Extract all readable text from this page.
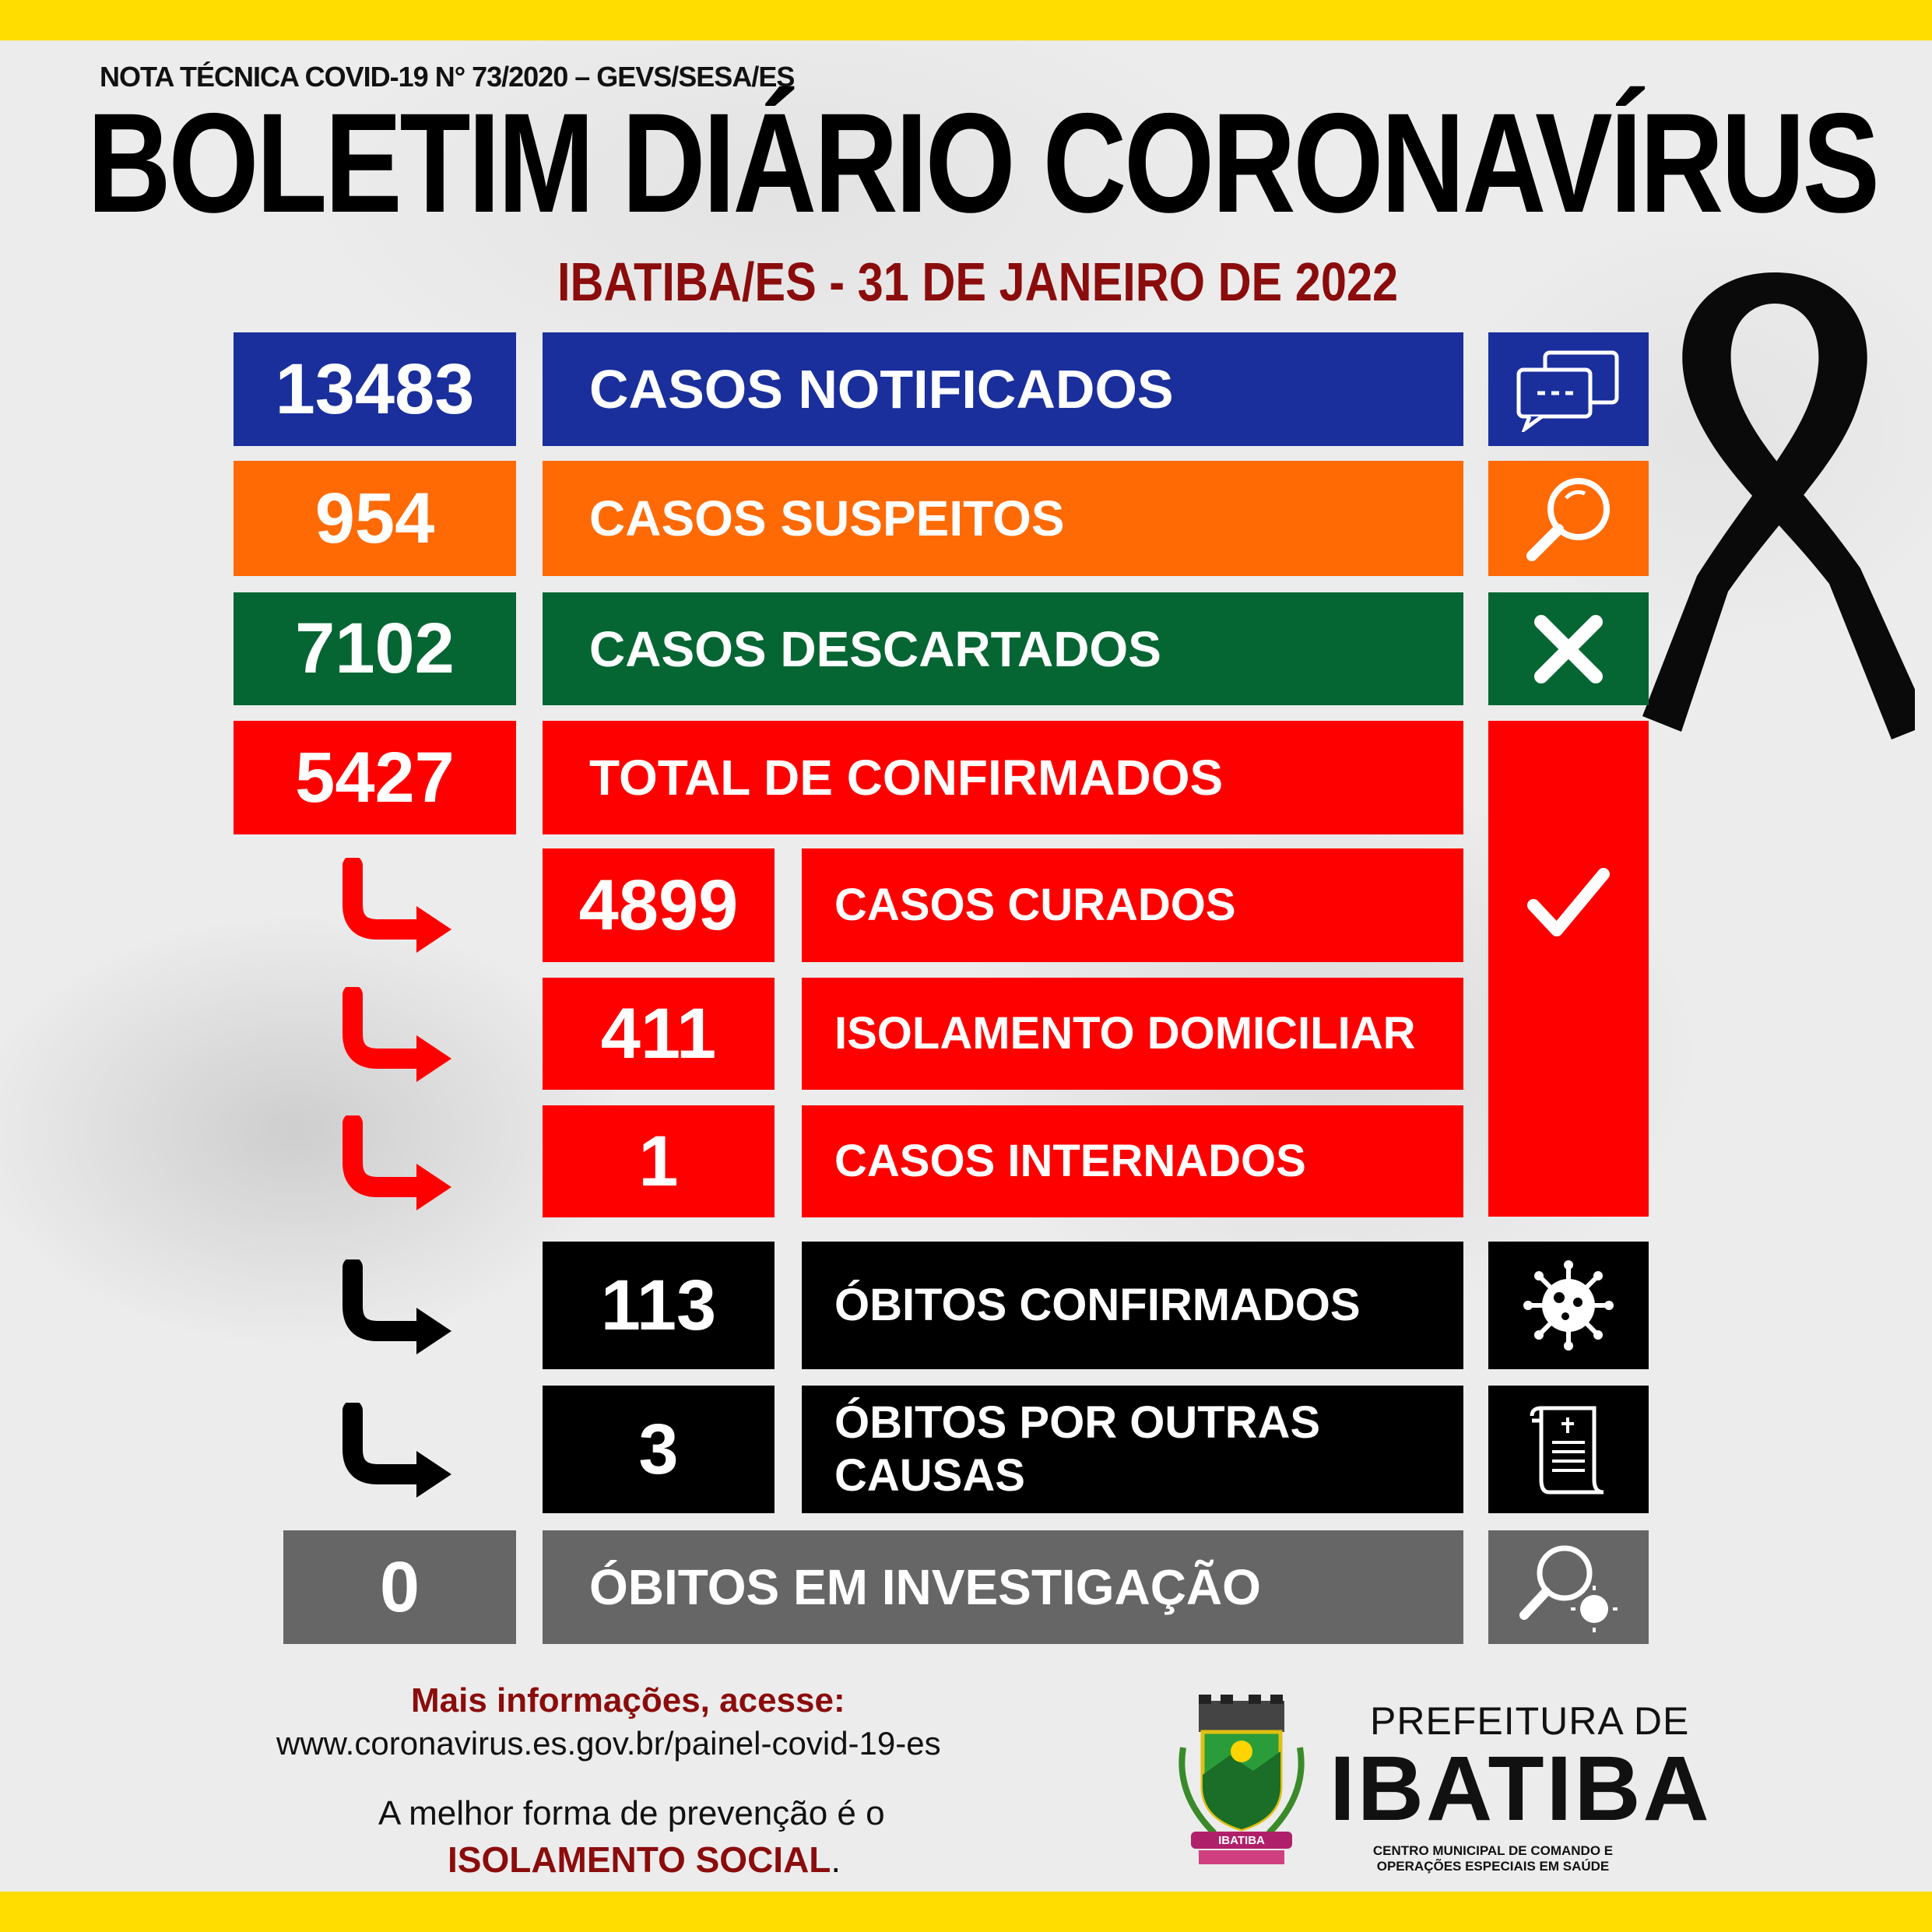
NOTA TÉCNICA COVID-19 N° 73/2020 – GEVS/SESA/ES
BOLETIM DIÁRIO CORONAVÍRUS
IBATIBA/ES - 31 DE JANEIRO DE 2022
13483	CASOS NOTIFICADOS
954	CASOS SUSPEITOS
7102	CASOS DESCARTADOS
5427	TOTAL DE CONFIRMADOS
4899	CASOS CURADOS
411	ISOLAMENTO DOMICILIAR
1	CASOS INTERNADOS
113	ÓBITOS CONFIRMADOS
3	ÓBITOS POR OUTRAS CAUSAS
0	ÓBITOS EM INVESTIGAÇÃO
Mais informações, acesse:
www.coronavirus.es.gov.br/painel-covid-19-es
A melhor forma de prevenção é o
ISOLAMENTO SOCIAL.	IBATIBA
PREFEITURA DE
IBATIBA
CENTRO MUNICIPAL DE COMANDO E OPERAÇÕES ESPECIAIS EM SAÚDE
